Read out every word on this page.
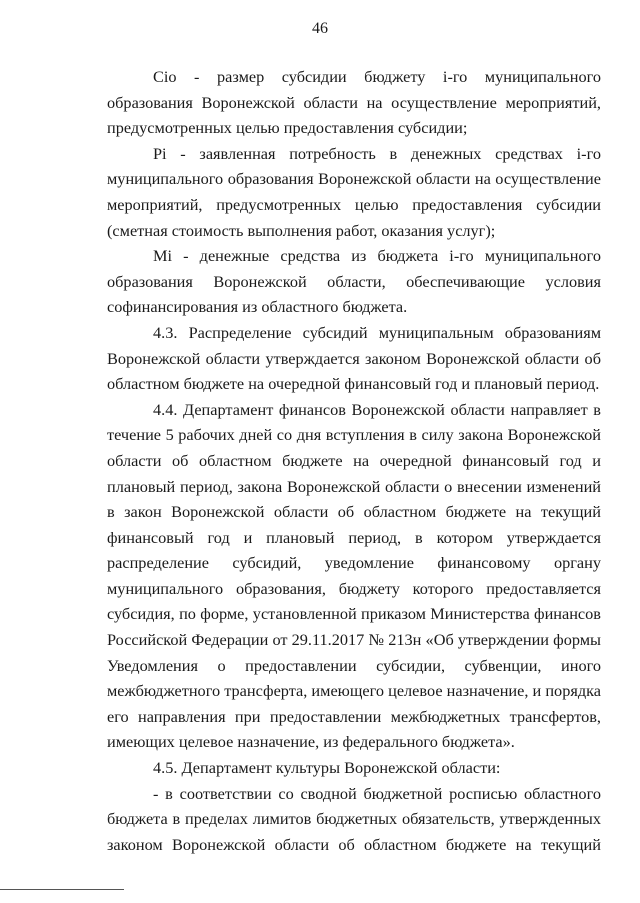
46

Сio - размер субсидии бюджету i-го муниципального образования Воронежской области на осуществление мероприятий, предусмотренных целью предоставления субсидии;

Pi - заявленная потребность в денежных средствах i-го муниципального образования Воронежской области на осуществление мероприятий, предусмотренных целью предоставления субсидии (сметная стоимость выполнения работ, оказания услуг);

Mi - денежные средства из бюджета i-го муниципального образования Воронежской области, обеспечивающие условия софинансирования из областного бюджета.

4.3. Распределение субсидий муниципальным образованиям Воронежской области утверждается законом Воронежской области об областном бюджете на очередной финансовый год и плановый период.

4.4. Департамент финансов Воронежской области направляет в течение 5 рабочих дней со дня вступления в силу закона Воронежской области об областном бюджете на очередной финансовый год и плановый период, закона Воронежской области о внесении изменений в закон Воронежской области об областном бюджете на текущий финансовый год и плановый период, в котором утверждается распределение субсидий, уведомление финансовому органу муниципального образования, бюджету которого предоставляется субсидия, по форме, установленной приказом Министерства финансов Российской Федерации от 29.11.2017 № 213н «Об утверждении формы Уведомления о предоставлении субсидии, субвенции, иного межбюджетного трансферта, имеющего целевое назначение, и порядка его направления при предоставлении межбюджетных трансфертов, имеющих целевое назначение, из федерального бюджета».

4.5. Департамент культуры Воронежской области:

- в соответствии со сводной бюджетной росписью областного бюджета в пределах лимитов бюджетных обязательств, утвержденных законом Воронежской области об областном бюджете на текущий
